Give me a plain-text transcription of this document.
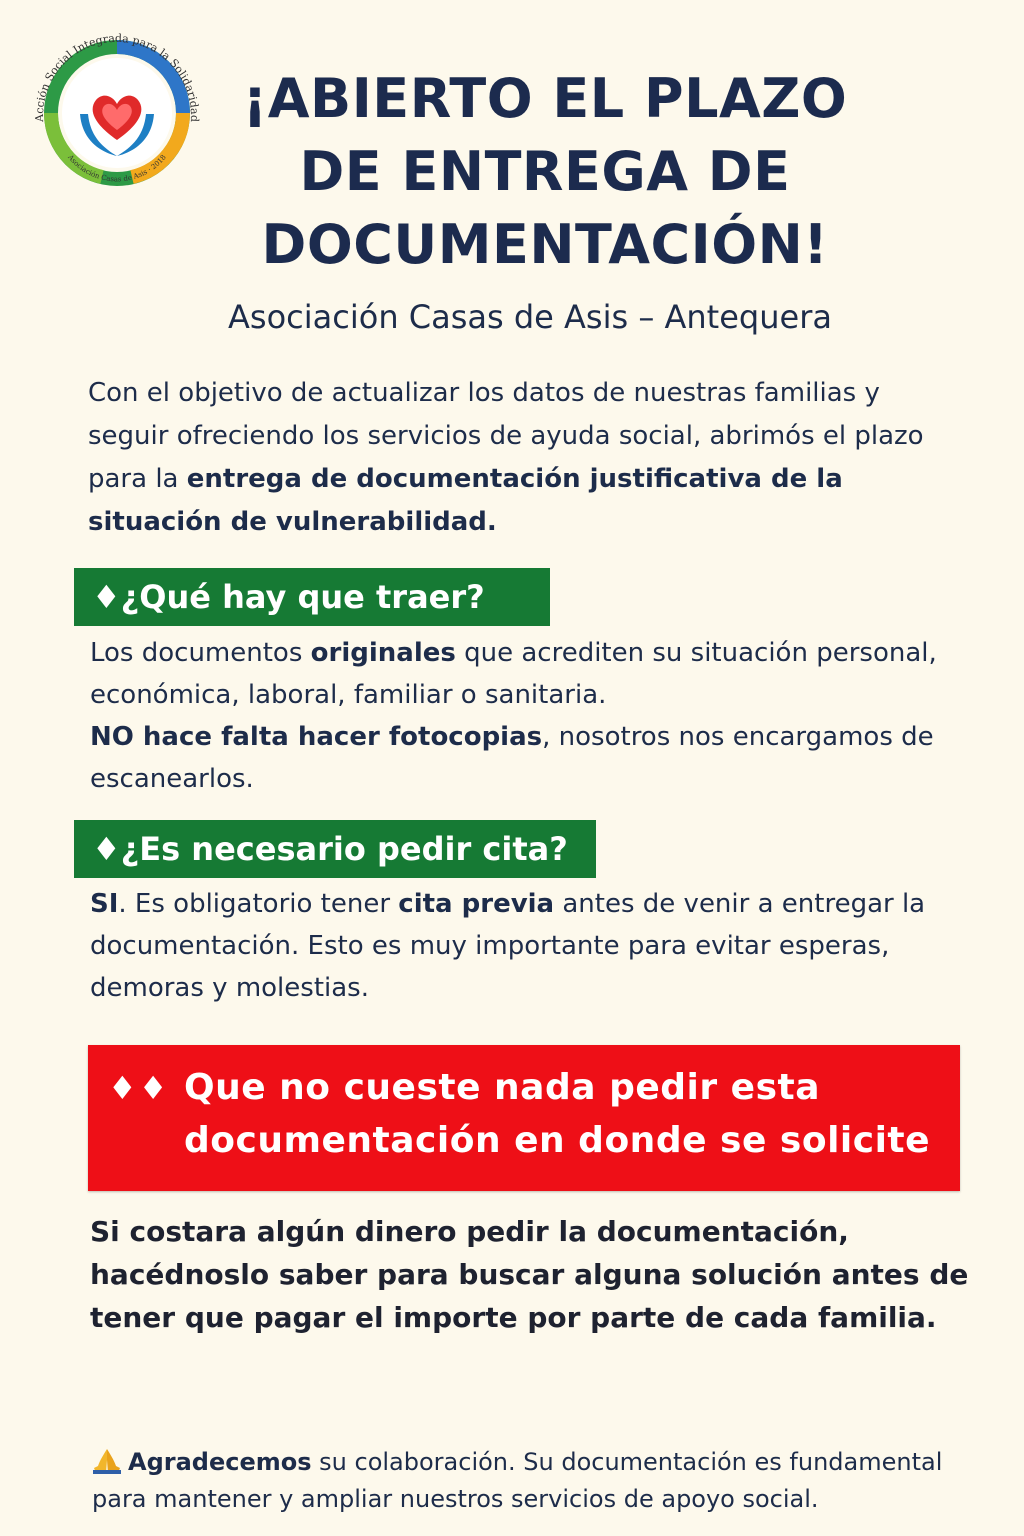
Acción Social Integrada para la Solidaridad
Asociación Casas de Asis · 2018
¡ABIERTO EL PLAZO
DE ENTREGA DE
DOCUMENTACIÓN!

Asociación Casas de Asis – Antequera

Con el objetivo de actualizar los datos de nuestras familias y seguir ofreciendo los servicios de ayuda social, abrimós el plazo para la entrega de documentación justificativa de la situación de vulnerabilidad.

♦¿Qué hay que traer?

Los documentos originales que acrediten su situación personal, económica, laboral, familiar o sanitaria.
NO hace falta hacer fotocopias, nosotros nos encargamos de escanearlos.

♦¿Es necesario pedir cita?

SI. Es obligatorio tener cita previa antes de venir a entregar la documentación. Esto es muy importante para evitar esperas, demoras y molestias.

♦♦ Que no cueste nada pedir esta documentación en donde se solicite

Si costara algún dinero pedir la documentación, hacédnoslo saber para buscar alguna solución antes de tener que pagar el importe por parte de cada familia.

Agradecemos su colaboración. Su documentación es fundamental para mantener y ampliar nuestros servicios de apoyo social.
